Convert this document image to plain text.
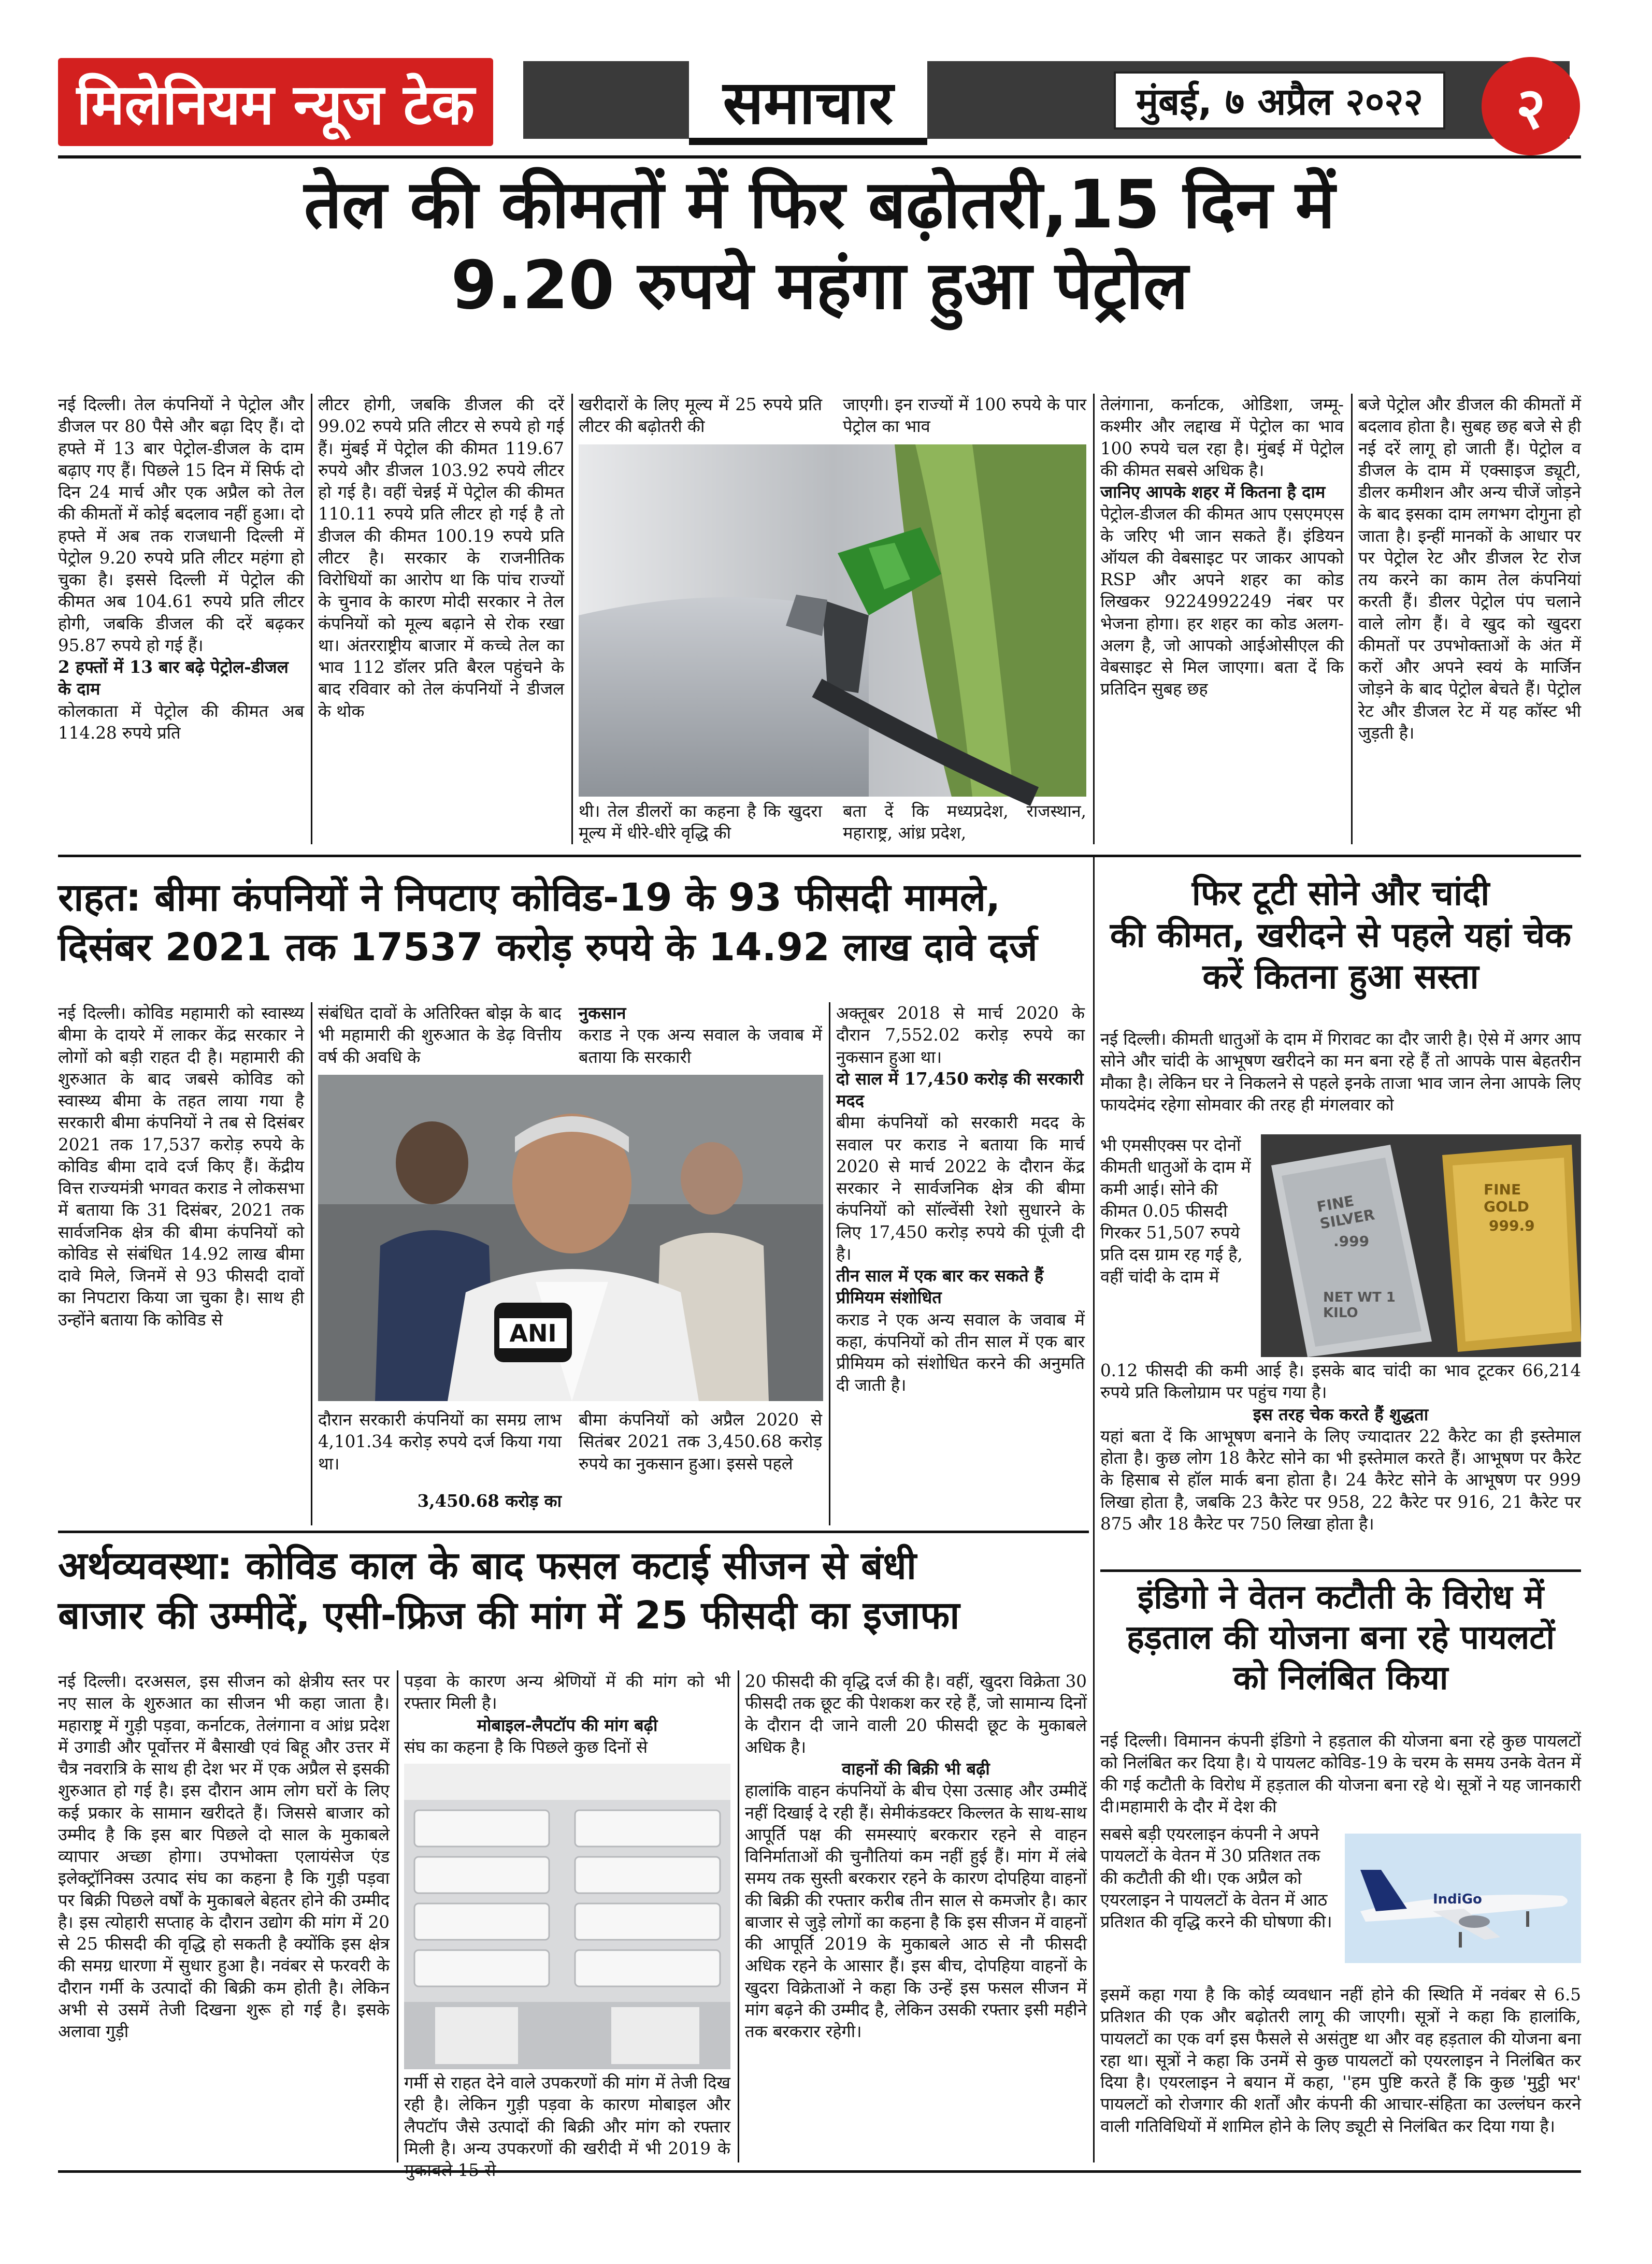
मिलेनियम न्यूज टेक	समाचार	मुंबई, ७ अप्रैल २०२२	२
तेल की कीमतों में फिर बढ़ोतरी,15 दिन में
9.20 रुपये महंगा हुआ पेट्रोल

नई दिल्ली। तेल कंपनियों ने पेट्रोल और डीजल पर 80 पैसे और बढ़ा दिए हैं। दो हफ्ते में 13 बार पेट्रोल-डीजल के दाम बढ़ाए गए हैं। पिछले 15 दिन में सिर्फ दो दिन 24 मार्च और एक अप्रैल को तेल की कीमतों में कोई बदलाव नहीं हुआ। दो हफ्ते में अब तक राजधानी दिल्ली में पेट्रोल 9.20 रुपये प्रति लीटर महंगा हो चुका है। इससे दिल्ली में पेट्रोल की कीमत अब 104.61 रुपये प्रति लीटर होगी, जबकि डीजल की दरें बढ़कर 95.87 रुपये हो गई हैं।

2 हफ्तों में 13 बार बढ़े पेट्रोल-डीजल के दाम

कोलकाता में पेट्रोल की कीमत अब 114.28 रुपये प्रति

लीटर होगी, जबकि डीजल की दरें 99.02 रुपये प्रति लीटर से रुपये हो गई हैं। मुंबई में पेट्रोल की कीमत 119.67 रुपये और डीजल 103.92 रुपये लीटर हो गई है। वहीं चेन्नई में पेट्रोल की कीमत 110.11 रुपये प्रति लीटर हो गई है तो डीजल की कीमत 100.19 रुपये प्रति लीटर है। सरकार के राजनीतिक विरोधियों का आरोप था कि पांच राज्यों के चुनाव के कारण मोदी सरकार ने तेल कंपनियों को मूल्य बढ़ाने से रोक रखा था। अंतरराष्ट्रीय बाजार में कच्चे तेल का भाव 112 डॉलर प्रति बैरल पहुंचने के बाद रविवार को तेल कंपनियों ने डीजल के थोक

खरीदारों के लिए मूल्य में 25 रुपये प्रति लीटर की बढ़ोतरी की

जाएगी। इन राज्यों में 100 रुपये के पार पेट्रोल का भाव

थी। तेल डीलरों का कहना है कि खुदरा मूल्य में धीरे-धीरे वृद्धि की

बता दें कि मध्यप्रदेश, राजस्थान, महाराष्ट्र, आंध्र प्रदेश,

तेलंगाना, कर्नाटक, ओडिशा, जम्मू-कश्मीर और लद्दाख में पेट्रोल का भाव 100 रुपये चल रहा है। मुंबई में पेट्रोल की कीमत सबसे अधिक है।

जानिए आपके शहर में कितना है दाम

पेट्रोल-डीजल की कीमत आप एसएमएस के जरिए भी जान सकते हैं। इंडियन ऑयल की वेबसाइट पर जाकर आपको RSP और अपने शहर का कोड लिखकर 9224992249 नंबर पर भेजना होगा। हर शहर का कोड अलग-अलग है, जो आपको आईओसीएल की वेबसाइट से मिल जाएगा। बता दें कि प्रतिदिन सुबह छह

बजे पेट्रोल और डीजल की कीमतों में बदलाव होता है। सुबह छह बजे से ही नई दरें लागू हो जाती हैं। पेट्रोल व डीजल के दाम में एक्साइज ड्यूटी, डीलर कमीशन और अन्य चीजें जोड़ने के बाद इसका दाम लगभग दोगुना हो जाता है। इन्हीं मानकों के आधार पर पर पेट्रोल रेट और डीजल रेट रोज तय करने का काम तेल कंपनियां करती हैं। डीलर पेट्रोल पंप चलाने वाले लोग हैं। वे खुद को खुदरा कीमतों पर उपभोक्ताओं के अंत में करों और अपने स्वयं के मार्जिन जोड़ने के बाद पेट्रोल बेचते हैं। पेट्रोल रेट और डीजल रेट में यह कॉस्ट भी जुड़ती है।

राहत: बीमा कंपनियों ने निपटाए कोविड-19 के 93 फीसदी मामले,
दिसंबर 2021 तक 17537 करोड़ रुपये के 14.92 लाख दावे दर्ज

नई दिल्ली। कोविड महामारी को स्वास्थ्य बीमा के दायरे में लाकर केंद्र सरकार ने लोगों को बड़ी राहत दी है। महामारी की शुरुआत के बाद जबसे कोविड को स्वास्थ्य बीमा के तहत लाया गया है सरकारी बीमा कंपनियों ने तब से दिसंबर 2021 तक 17,537 करोड़ रुपये के कोविड बीमा दावे दर्ज किए हैं। केंद्रीय वित्त राज्यमंत्री भगवत कराड ने लोकसभा में बताया कि 31 दिसंबर, 2021 तक सार्वजनिक क्षेत्र की बीमा कंपनियों को कोविड से संबंधित 14.92 लाख बीमा दावे मिले, जिनमें से 93 फीसदी दावों का निपटारा किया जा चुका है। साथ ही उन्होंने बताया कि कोविड से

संबंधित दावों के अतिरिक्त बोझ के बाद भी महामारी की शुरुआत के डेढ़ वित्तीय वर्ष की अवधि के

नुकसान

कराड ने एक अन्य सवाल के जवाब में बताया कि सरकारी

ANI

दौरान सरकारी कंपनियों का समग्र लाभ 4,101.34 करोड़ रुपये दर्ज किया गया था।

3,450.68 करोड़ का

बीमा कंपनियों को अप्रैल 2020 से सितंबर 2021 तक 3,450.68 करोड़ रुपये का नुकसान हुआ। इससे पहले

अक्तूबर 2018 से मार्च 2020 के दौरान 7,552.02 करोड़ रुपये का नुकसान हुआ था।

दो साल में 17,450 करोड़ की सरकारी मदद

बीमा कंपनियों को सरकारी मदद के सवाल पर कराड ने बताया कि मार्च 2020 से मार्च 2022 के दौरान केंद्र सरकार ने सार्वजनिक क्षेत्र की बीमा कंपनियों को सॉल्वेंसी रेशो सुधारने के लिए 17,450 करोड़ रुपये की पूंजी दी है।

तीन साल में एक बार कर सकते हैं प्रीमियम संशोधित

कराड ने एक अन्य सवाल के जवाब में कहा, कंपनियों को तीन साल में एक बार प्रीमियम को संशोधित करने की अनुमति दी जाती है।

फिर टूटी सोने और चांदी
की कीमत, खरीदने से पहले यहां चेक
करें कितना हुआ सस्ता

नई दिल्ली। कीमती धातुओं के दाम में गिरावट का दौर जारी है। ऐसे में अगर आप सोने और चांदी के आभूषण खरीदने का मन बना रहे हैं तो आपके पास बेहतरीन मौका है। लेकिन घर ने निकलने से पहले इनके ताजा भाव जान लेना आपके लिए फायदेमंद रहेगा सोमवार की तरह ही मंगलवार को

भी एमसीएक्स पर दोनों कीमती धातुओं के दाम में कमी आई। सोने की कीमत 0.05 फीसदी गिरकर 51,507 रुपये प्रति दस ग्राम रह गई है, वहीं चांदी के दाम में

FINE SILVER
.999
NET WT 1 KILO
FINE GOLD
999.9

0.12 फीसदी की कमी आई है। इसके बाद चांदी का भाव टूटकर 66,214 रुपये प्रति किलोग्राम पर पहुंच गया है।

इस तरह चेक करते हैं शुद्धता

यहां बता दें कि आभूषण बनाने के लिए ज्यादातर 22 कैरेट का ही इस्तेमाल होता है। कुछ लोग 18 कैरेट सोने का भी इस्तेमाल करते हैं। आभूषण पर कैरेट के हिसाब से हॉल मार्क बना होता है। 24 कैरेट सोने के आभूषण पर 999 लिखा होता है, जबकि 23 कैरेट पर 958, 22 कैरेट पर 916, 21 कैरेट पर 875 और 18 कैरेट पर 750 लिखा होता है।

अर्थव्यवस्था: कोविड काल के बाद फसल कटाई सीजन से बंधी
बाजार की उम्मीदें, एसी-फ्रिज की मांग में 25 फीसदी का इजाफा

नई दिल्ली। दरअसल, इस सीजन को क्षेत्रीय स्तर पर नए साल के शुरुआत का सीजन भी कहा जाता है। महाराष्ट्र में गुड़ी पड़वा, कर्नाटक, तेलंगाना व आंध्र प्रदेश में उगाडी और पूर्वोत्तर में बैसाखी एवं बिहू और उत्तर में चैत्र नवरात्रि के साथ ही देश भर में एक अप्रैल से इसकी शुरुआत हो गई है। इस दौरान आम लोग घरों के लिए कई प्रकार के सामान खरीदते हैं। जिससे बाजार को उम्मीद है कि इस बार पिछले दो साल के मुकाबले व्यापार अच्छा होगा। उपभोक्ता एलायंसेज एंड इलेक्ट्रॉनिक्स उत्पाद संघ का कहना है कि गुड़ी पड़वा पर बिक्री पिछले वर्षों के मुकाबले बेहतर होने की उम्मीद है। इस त्योहारी सप्ताह के दौरान उद्योग की मांग में 20 से 25 फीसदी की वृद्धि हो सकती है क्योंकि इस क्षेत्र की समग्र धारणा में सुधार हुआ है। नवंबर से फरवरी के दौरान गर्मी के उत्पादों की बिक्री कम होती है। लेकिन अभी से उसमें तेजी दिखना शुरू हो गई है। इसके अलावा गुड़ी

पड़वा के कारण अन्य श्रेणियों में की मांग को भी रफ्तार मिली है।

मोबाइल-लैपटॉप की मांग बढ़ी

संघ का कहना है कि पिछले कुछ दिनों से

गर्मी से राहत देने वाले उपकरणों की मांग में तेजी दिख रही है। लेकिन गुड़ी पड़वा के कारण मोबाइल और लैपटॉप जैसे उत्पादों की बिक्री और मांग को रफ्तार मिली है। अन्य उपकरणों की खरीदी में भी 2019 के

20 फीसदी की वृद्धि दर्ज की है। वहीं, खुदरा विक्रेता 30 फीसदी तक छूट की पेशकश कर रहे हैं, जो सामान्य दिनों के दौरान दी जाने वाली 20 फीसदी छूट के मुकाबले अधिक है।

वाहनों की बिक्री भी बढ़ी

हालांकि वाहन कंपनियों के बीच ऐसा उत्साह और उम्मीदें नहीं दिखाई दे रही हैं। सेमीकंडक्टर किल्लत के साथ-साथ आपूर्ति पक्ष की समस्याएं बरकरार रहने से वाहन विनिर्माताओं की चुनौतियां कम नहीं हुई हैं। मांग में लंबे समय तक सुस्ती बरकरार रहने के कारण दोपहिया वाहनों की बिक्री की रफ्तार करीब तीन साल से कमजोर है। कार बाजार से जुड़े लोगों का कहना है कि इस सीजन में वाहनों की आपूर्ति 2019 के मुकाबले आठ से नौ फीसदी अधिक रहने के आसार हैं। इस बीच, दोपहिया वाहनों के खुदरा विक्रेताओं ने कहा कि उन्हें इस फसल सीजन में मांग बढ़ने की उम्मीद है, लेकिन उसकी रफ्तार इसी महीने तक बरकरार रहेगी।

इंडिगो ने वेतन कटौती के विरोध में
हड़ताल की योजना बना रहे पायलटों
को निलंबित किया

नई दिल्ली। विमानन कंपनी इंडिगो ने हड़ताल की योजना बना रहे कुछ पायलटों को निलंबित कर दिया है। ये पायलट कोविड-19 के चरम के समय उनके वेतन में की गई कटौती के विरोध में हड़ताल की योजना बना रहे थे। सूत्रों ने यह जानकारी दी।महामारी के दौर में देश की

सबसे बड़ी एयरलाइन कंपनी ने अपने पायलटों के वेतन में 30 प्रतिशत तक की कटौती की थी। एक अप्रैल को एयरलाइन ने पायलटों के वेतन में आठ प्रतिशत की वृद्धि करने की घोषणा की।

IndiGo

इसमें कहा गया है कि कोई व्यवधान नहीं होने की स्थिति में नवंबर से 6.5 प्रतिशत की एक और बढ़ोतरी लागू की जाएगी। सूत्रों ने कहा कि हालांकि, पायलटों का एक वर्ग इस फैसले से असंतुष्ट था और वह हड़ताल की योजना बना रहा था। सूत्रों ने कहा कि उनमें से कुछ पायलटों को एयरलाइन ने निलंबित कर दिया है। एयरलाइन ने बयान में कहा, ''हम पुष्टि करते हैं कि कुछ 'मुट्ठी भर' पायलटों को रोजगार की शर्तों और कंपनी की आचार-संहिता का उल्लंघन करने वाली गतिविधियों में शामिल होने के लिए ड्यूटी से निलंबित कर दिया गया है।
